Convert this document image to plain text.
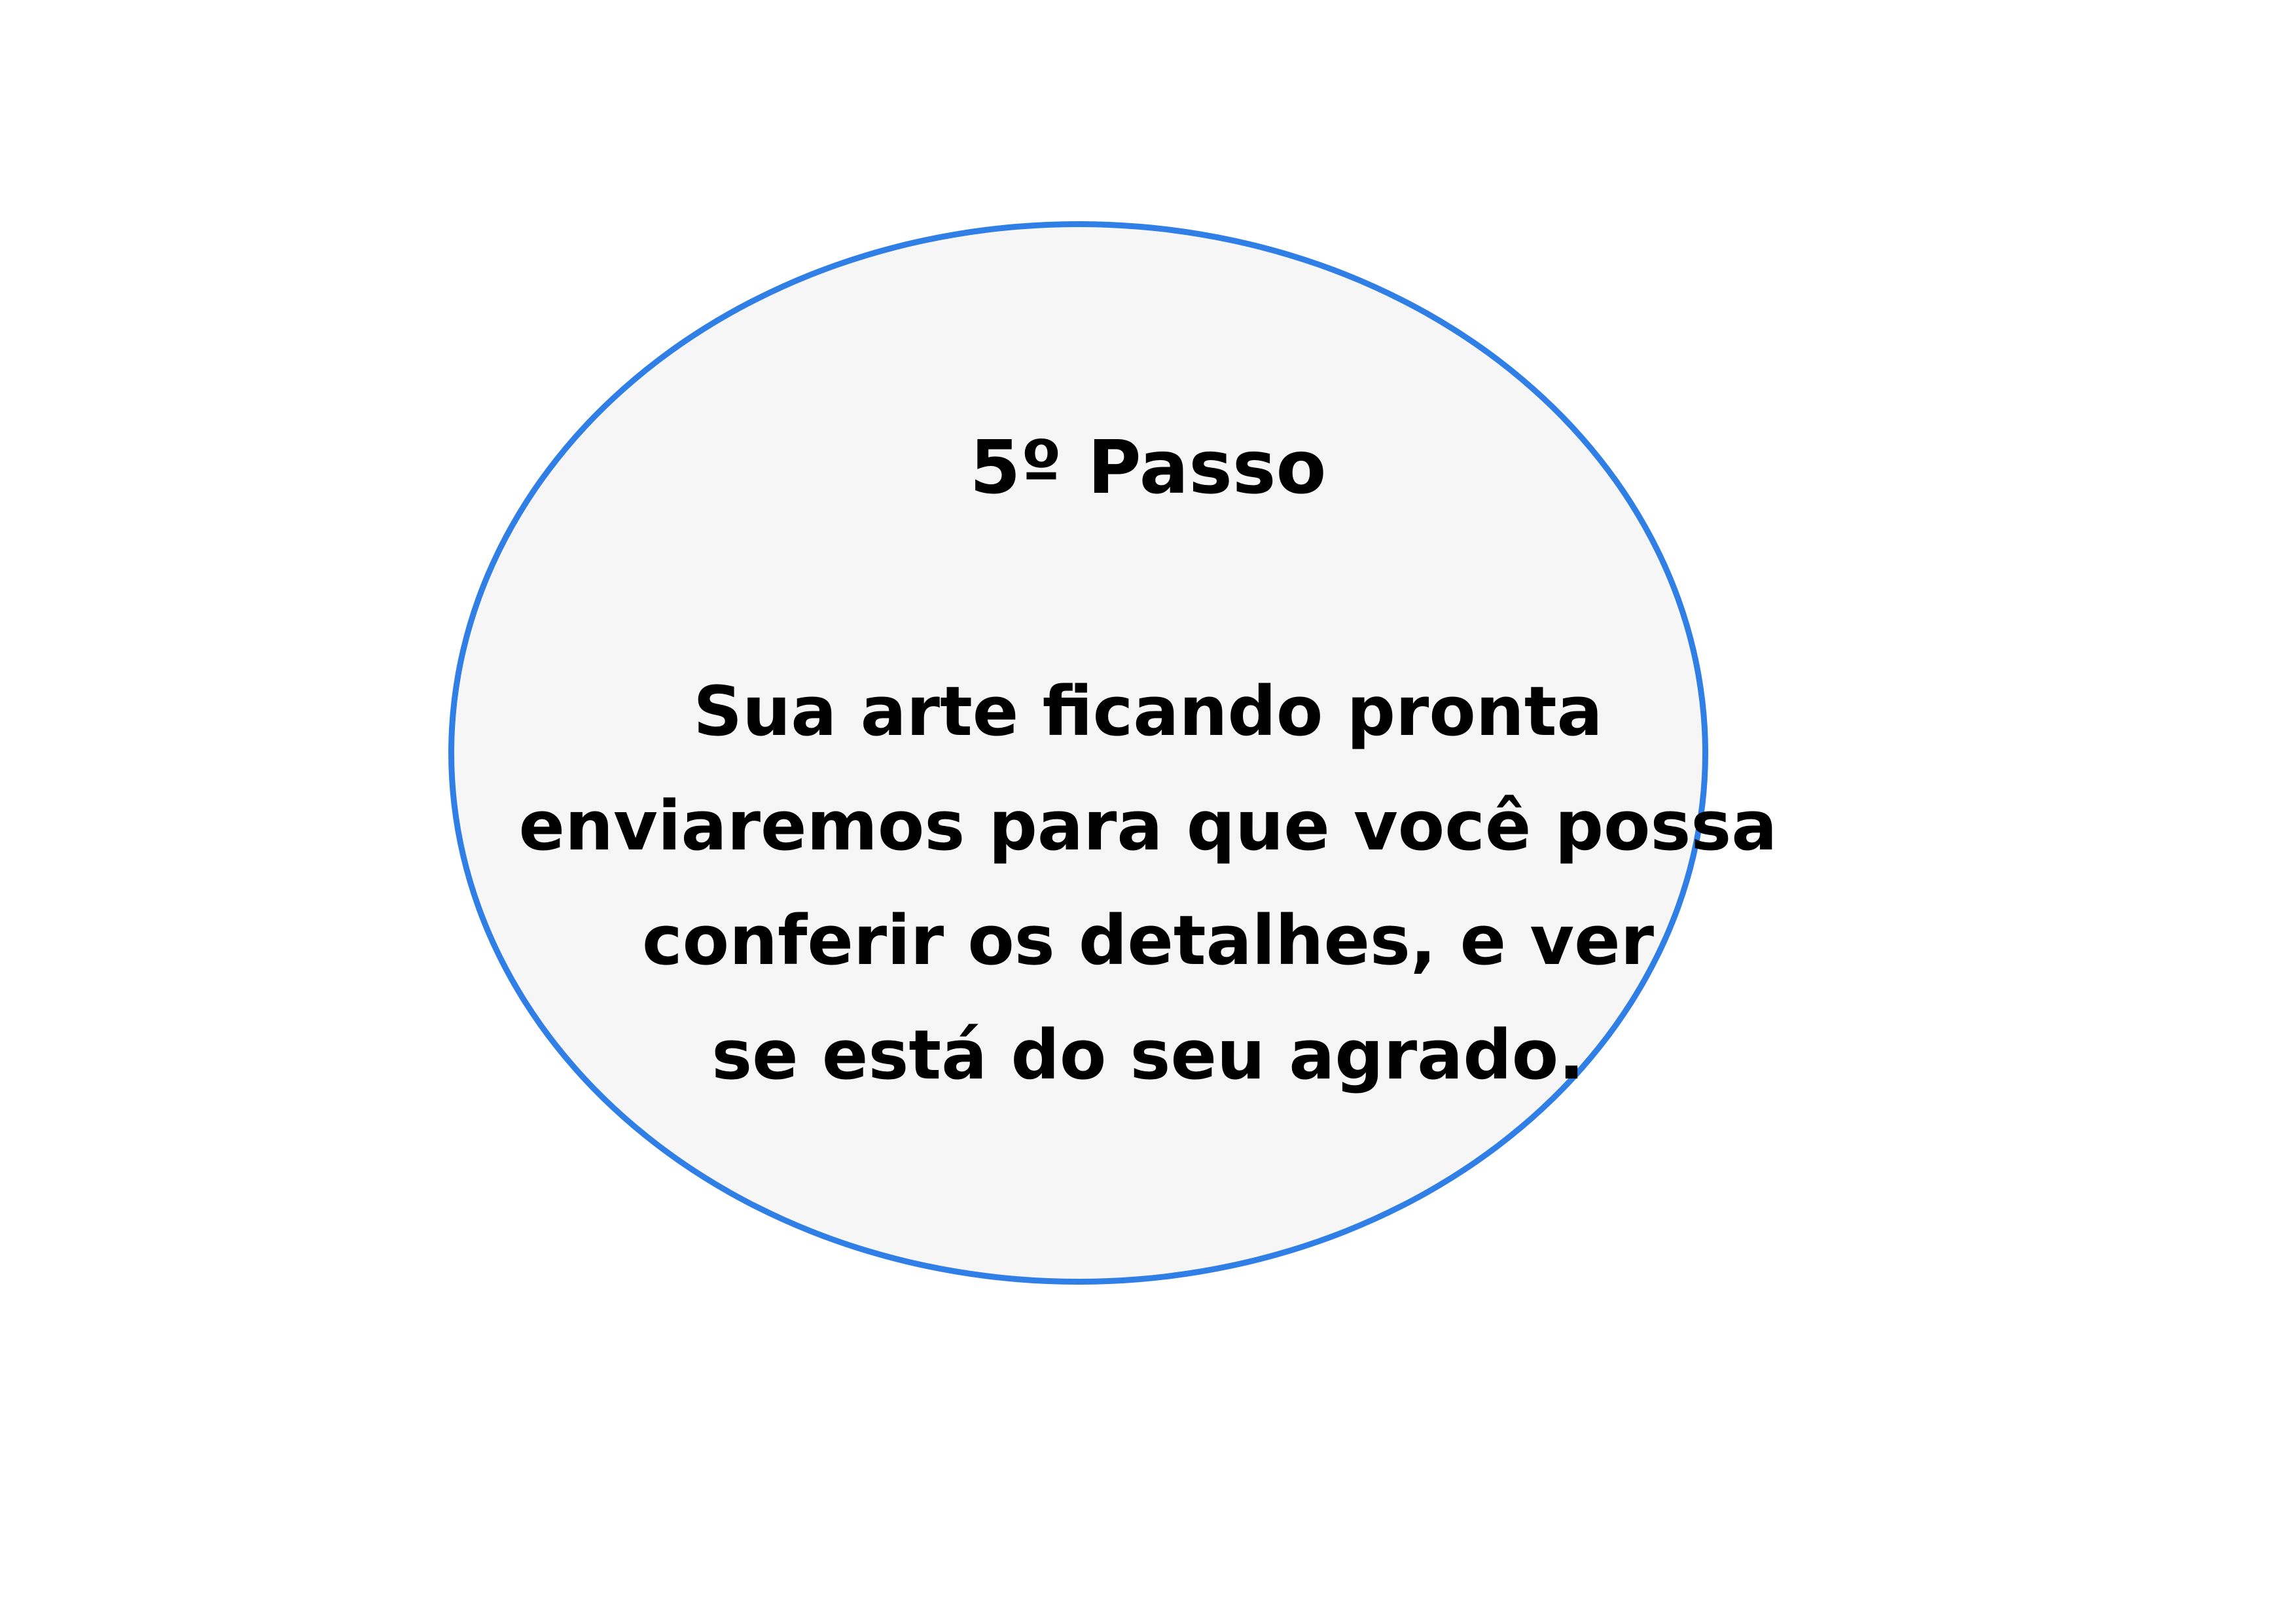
5º Passo
Sua arte ficando pronta
enviaremos para que você possa
conferir os detalhes, e ver
se está do seu agrado.
